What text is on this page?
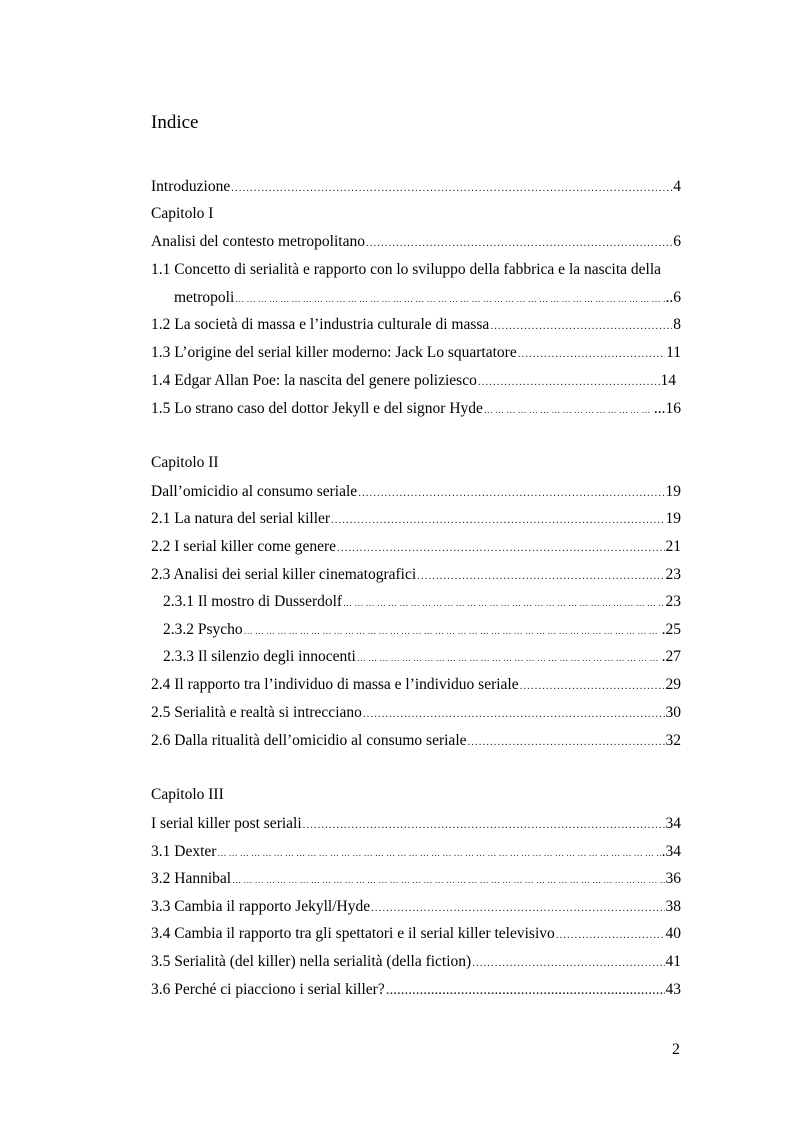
Indice
Introduzione .....	4
Capitolo I
Analisi del contesto metropolitano .....	6
1.1 Concetto di serialità e rapporto con lo sviluppo della fabbrica e la nascita della
metropoli … … … … … … … … … … … … … … … … … … … … … … … … … … … … … … … … … … … … … … … … … … … … … … … … …	..6
1.2 La società di massa e l’industria culturale di massa .....	8
1.3 L’origine del serial killer moderno: Jack Lo squartatore .....	11
1.4 Edgar Allan Poe: la nascita del genere poliziesco .....	14
1.5 Lo strano caso del dottor Jekyll e del signor Hyde … … … … … … … … … … … … … … … … … … … … … … … … … … … … … … … … … … … … … … … … … … … … … … … … …	...16
Capitolo II
Dall’omicidio al consumo seriale .....	19
2.1 La natura del serial killer .....	19
2.2 I serial killer come genere .....	21
2.3 Analisi dei serial killer cinematografici .....	23
2.3.1 Il mostro di Dusserdolf … … … … … … … … … … … … … … … … … … … … … … … … … … … … … … … … … … … … … … … … … … … … … … … … …	23
2.3.2 Psycho … … … … … … … … … … … … … … … … … … … … … … … … … … … … … … … … … … … … … … … … … … … … … … … … …	.25
2.3.3 Il silenzio degli innocenti … … … … … … … … … … … … … … … … … … … … … … … … … … … … … … … … … … … … … … … … … … … … … … … … …	.27
2.4 Il rapporto tra l’individuo di massa e l’individuo seriale .....	29
2.5 Serialità e realtà si intrecciano .....	30
2.6 Dalla ritualità dell’omicidio al consumo seriale .....	32
Capitolo III
I serial killer post seriali .....	34
3.1 Dexter … … … … … … … … … … … … … … … … … … … … … … … … … … … … … … … … … … … … … … … … … … … … … … … … …	.34
3.2 Hannibal … … … … … … … … … … … … … … … … … … … … … … … … … … … … … … … … … … … … … … … … … … … … … … … … …	36
3.3 Cambia il rapporto Jekyll/Hyde .....	38
3.4 Cambia il rapporto tra gli spettatori e il serial killer televisivo .....	40
3.5 Serialità (del killer) nella serialità (della fiction) .....	41
3.6 Perché ci piacciono i serial killer? .....	43
2
